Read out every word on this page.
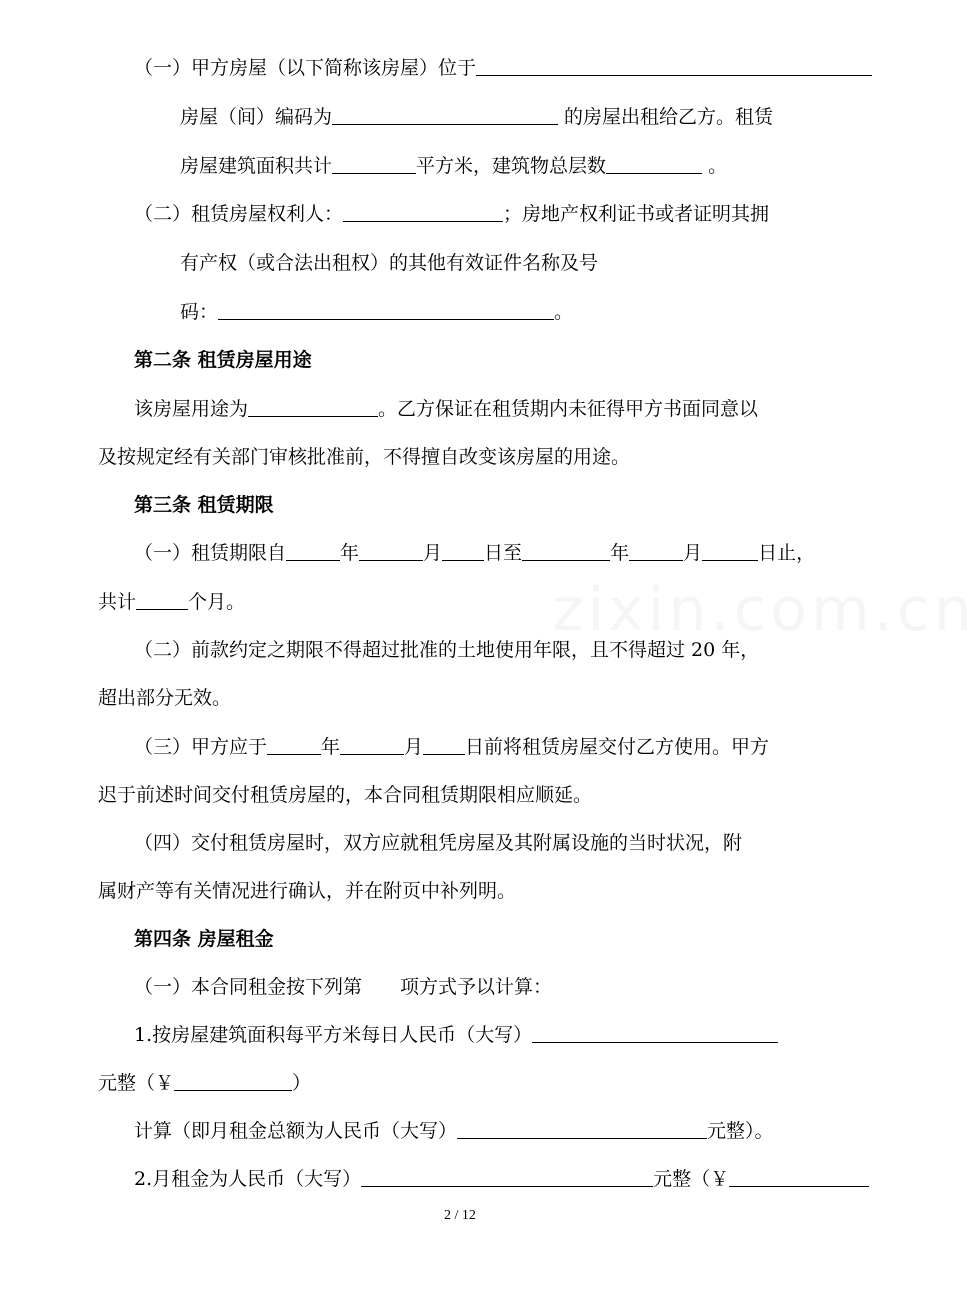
zixin.com.cn
（一）甲方房屋（以下简称该房屋）位于
房屋（间）编码为	的房屋出租给乙方。租赁
房屋建筑面积共计	平方米，建筑物总层数	。
（二）租赁房屋权利人：	；房地产权利证书或者证明其拥
有产权（或合法出租权）的其他有效证件名称及号
码：	。
第二条 租赁房屋用途
该房屋用途为	。乙方保证在租赁期内未征得甲方书面同意以
及按规定经有关部门审核批准前，不得擅自改变该房屋的用途。
第三条 租赁期限
（一）租赁期限自	年	月 日至	年	月	日止，
共计	个月。
（二）前款约定之期限不得超过批准的土地使用年限，且不得超过 20 年，
超出部分无效。
（三）甲方应于	年	月 日前将租赁房屋交付乙方使用。甲方
迟于前述时间交付租赁房屋的，本合同租赁期限相应顺延。
（四）交付租赁房屋时，双方应就租凭房屋及其附属设施的当时状况，附
属财产等有关情况进行确认，并在附页中补列明。
第四条 房屋租金
（一）本合同租金按下列第　　项方式予以计算：
1.按房屋建筑面积每平方米每日人民币（大写）
元整（￥	）
计算（即月租金总额为人民币（大写）	元整）。
2.月租金为人民币（大写）	元整（￥
2 / 12
